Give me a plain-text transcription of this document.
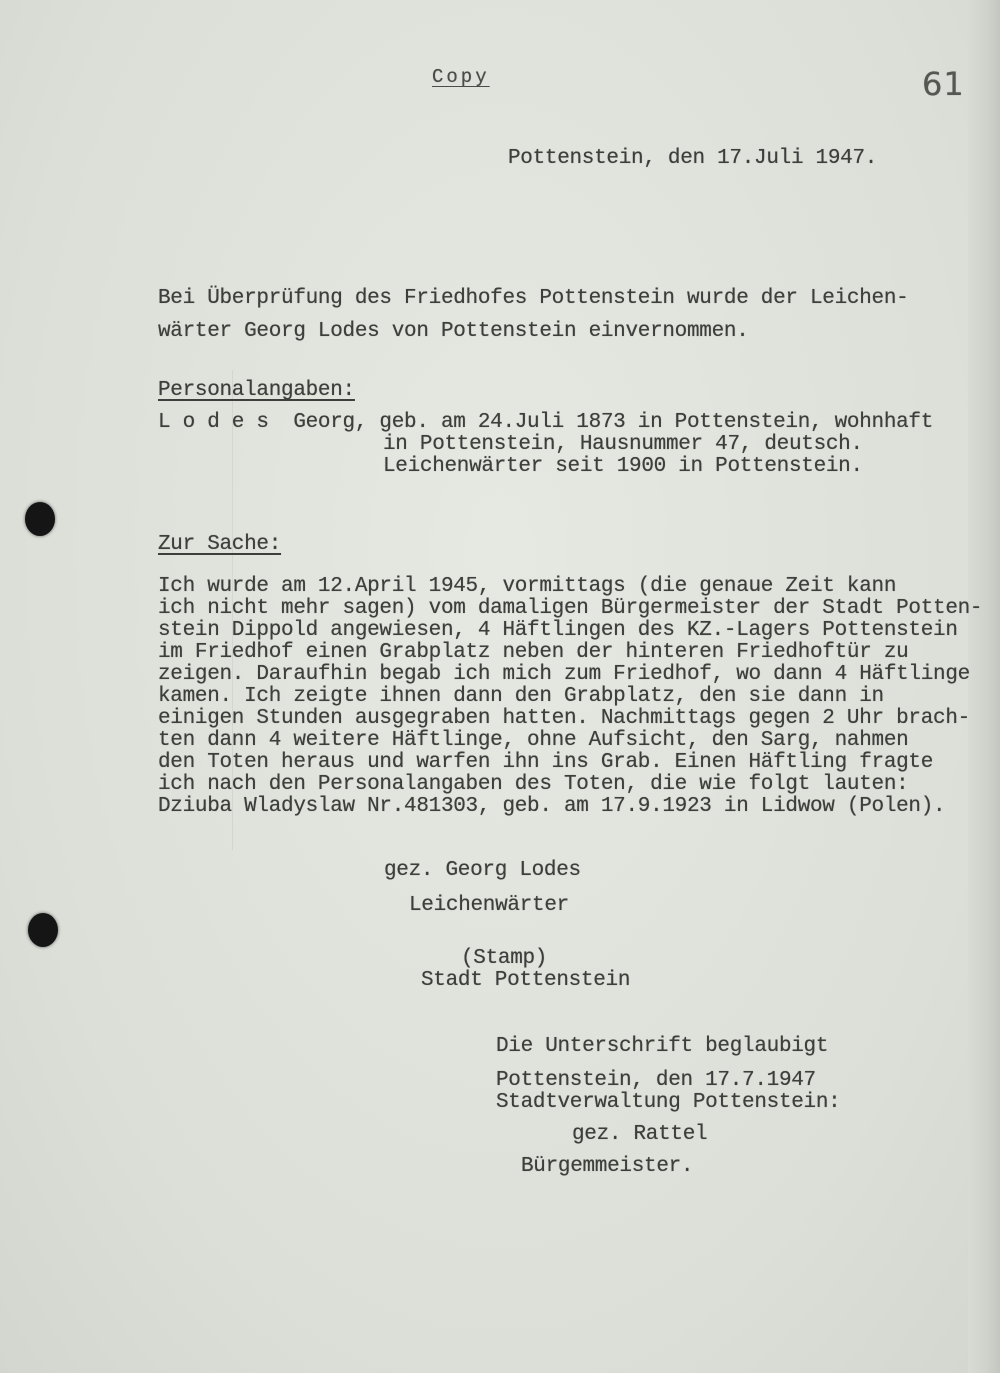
Copy	61
Pottenstein, den 17.Juli 1947.
Bei Überprüfung des Friedhofes Pottenstein wurde der Leichen-
wärter Georg Lodes von Pottenstein einvernommen.
Personalangaben:
L o d e s  Georg, geb. am 24.Juli 1873 in Pottenstein, wohnhaft
in Pottenstein, Hausnummer 47, deutsch.
Leichenwärter seit 1900 in Pottenstein.
Zur Sache:
Ich wurde am 12.April 1945, vormittags (die genaue Zeit kann
ich nicht mehr sagen) vom damaligen Bürgermeister der Stadt Potten-
stein Dippold angewiesen, 4 Häftlingen des KZ.-Lagers Pottenstein
im Friedhof einen Grabplatz neben der hinteren Friedhoftür zu
zeigen. Daraufhin begab ich mich zum Friedhof, wo dann 4 Häftlinge
kamen. Ich zeigte ihnen dann den Grabplatz, den sie dann in
einigen Stunden ausgegraben hatten. Nachmittags gegen 2 Uhr brach-
ten dann 4 weitere Häftlinge, ohne Aufsicht, den Sarg, nahmen
den Toten heraus und warfen ihn ins Grab. Einen Häftling fragte
ich nach den Personalangaben des Toten, die wie folgt lauten:
Dziuba Wladyslaw Nr.481303, geb. am 17.9.1923 in Lidwow (Polen).
gez. Georg Lodes
Leichenwärter
(Stamp)
Stadt Pottenstein
Die Unterschrift beglaubigt
Pottenstein, den 17.7.1947
Stadtverwaltung Pottenstein:
gez. Rattel
Bürgemmeister.
